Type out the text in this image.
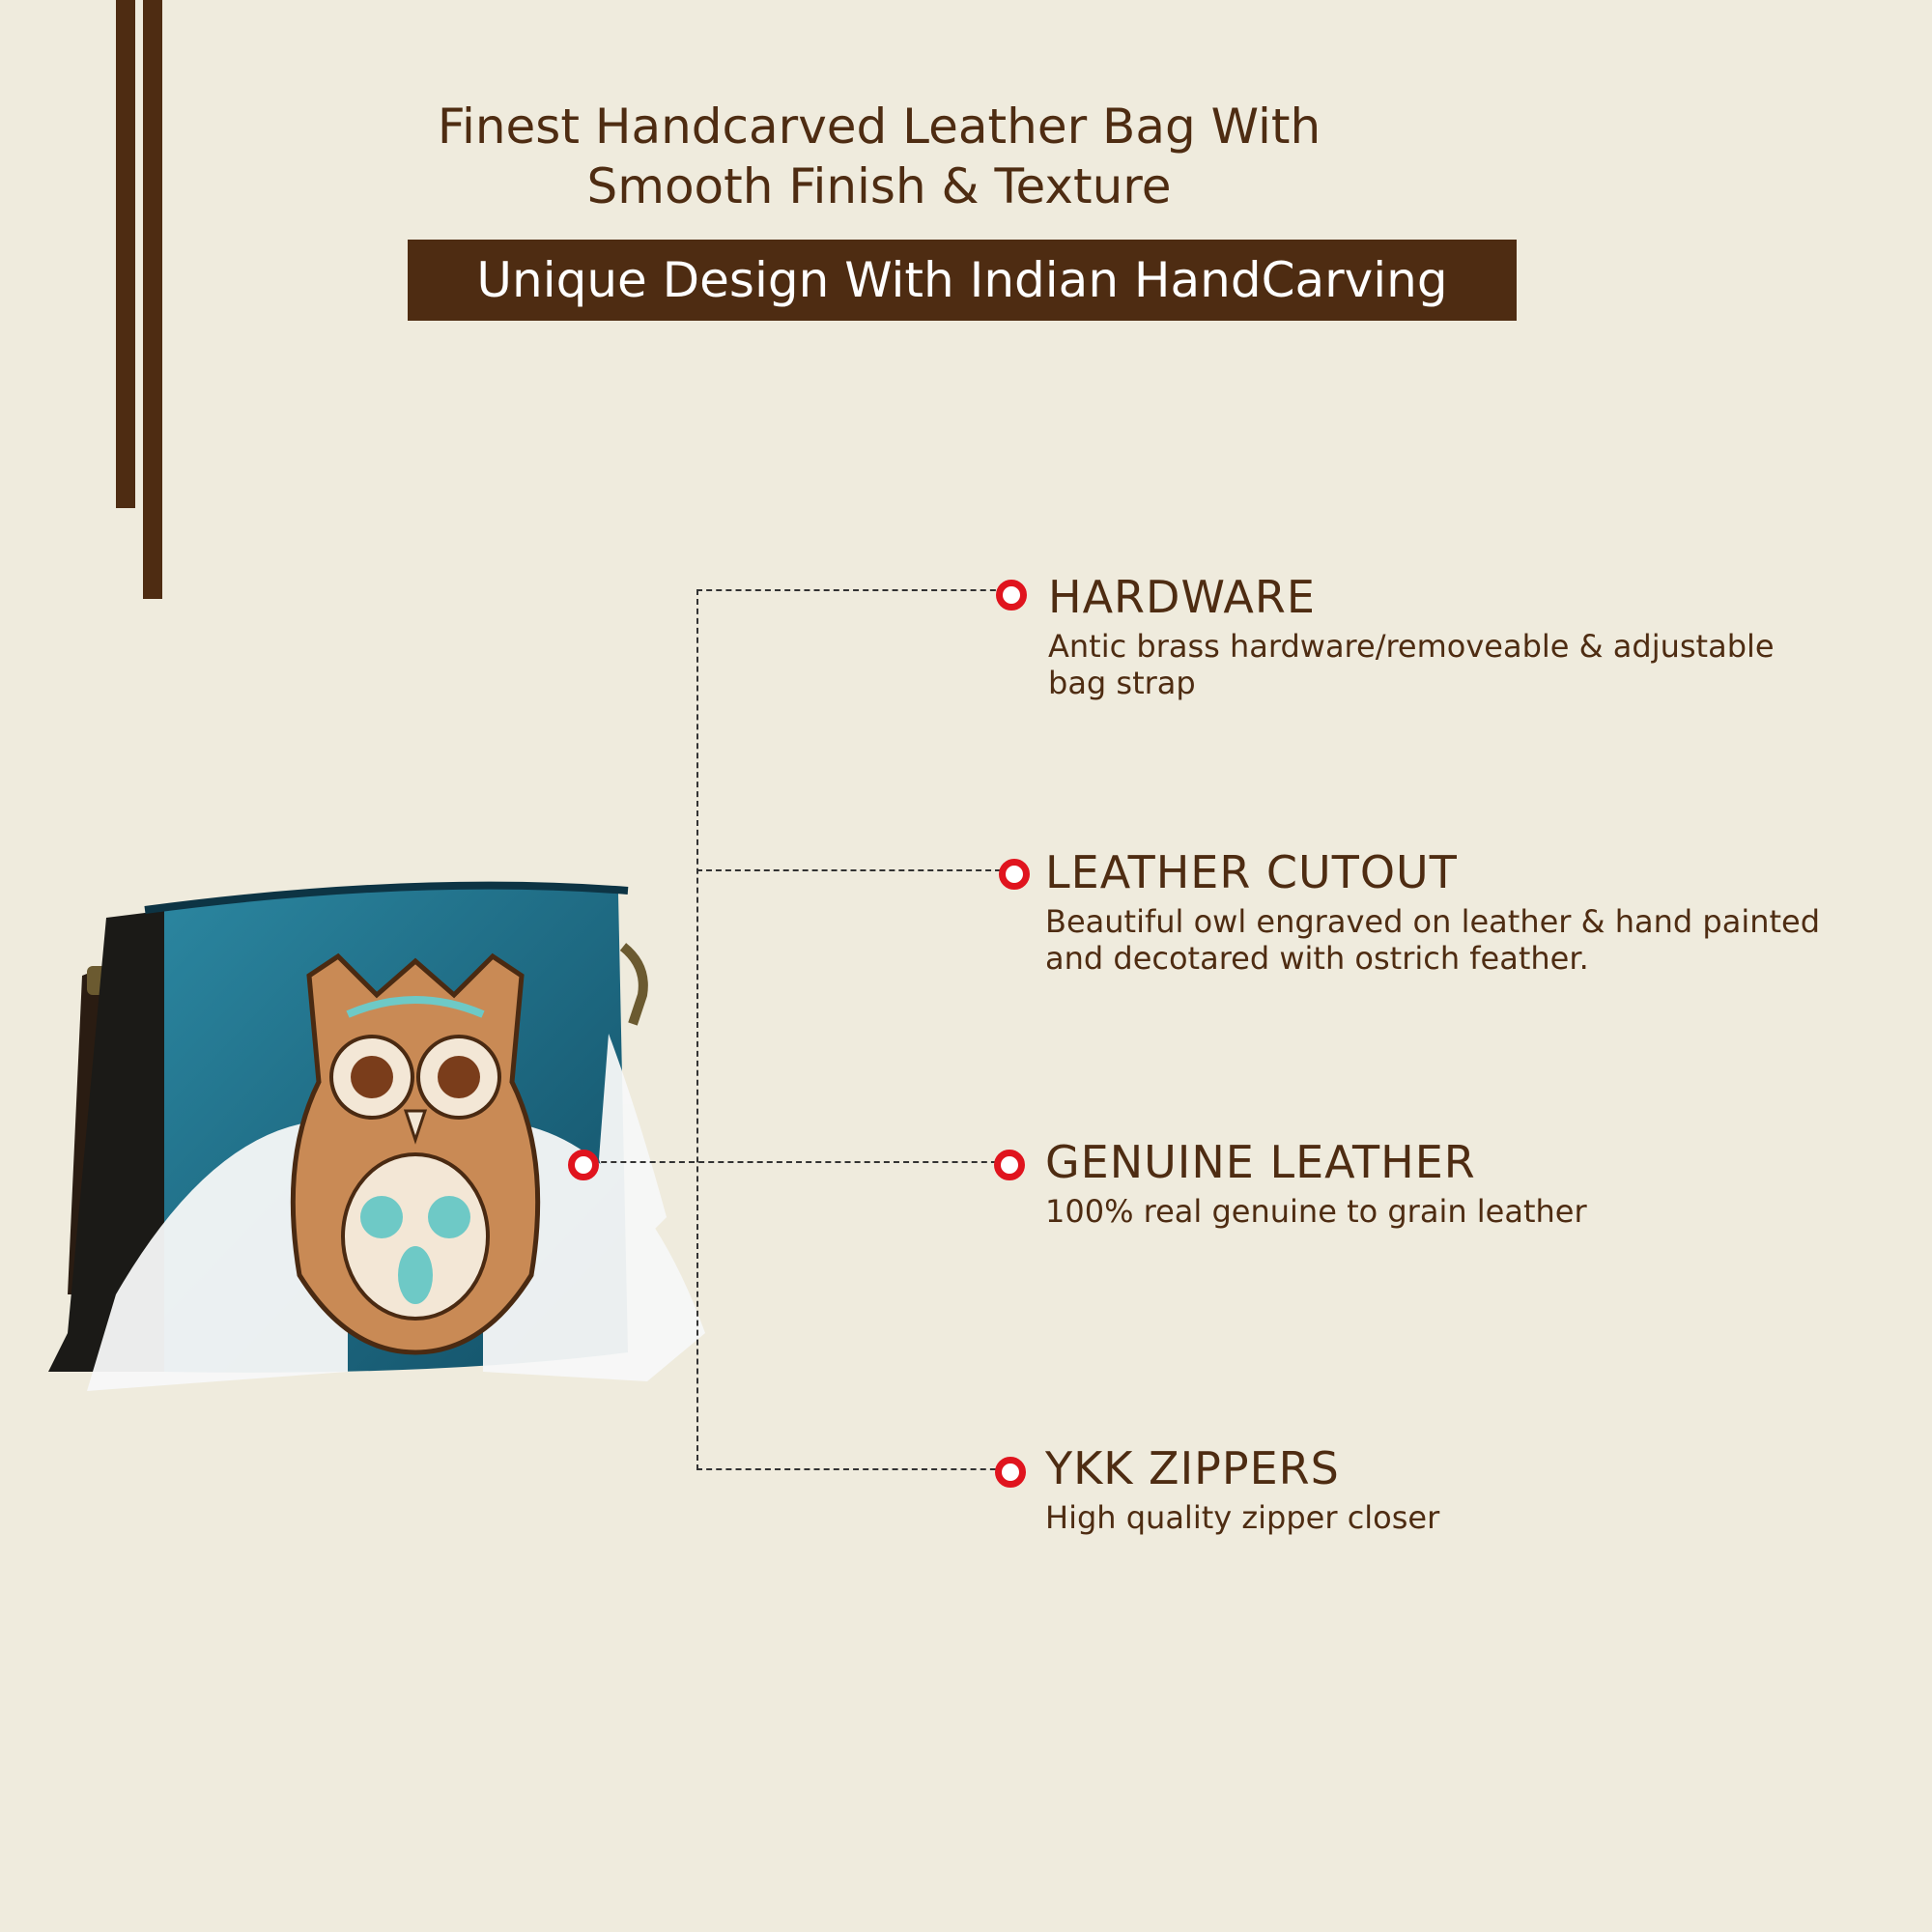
Finest Handcarved Leather Bag With
Smooth Finish & Texture
Unique Design With Indian HandCarving
HARDWARE

Antic brass hardware/removeable & adjustable
bag strap

LEATHER CUTOUT

Beautiful owl engraved on leather & hand painted
and decotared with ostrich feather.

GENUINE LEATHER

100% real genuine to grain leather

YKK ZIPPERS

High quality zipper closer
